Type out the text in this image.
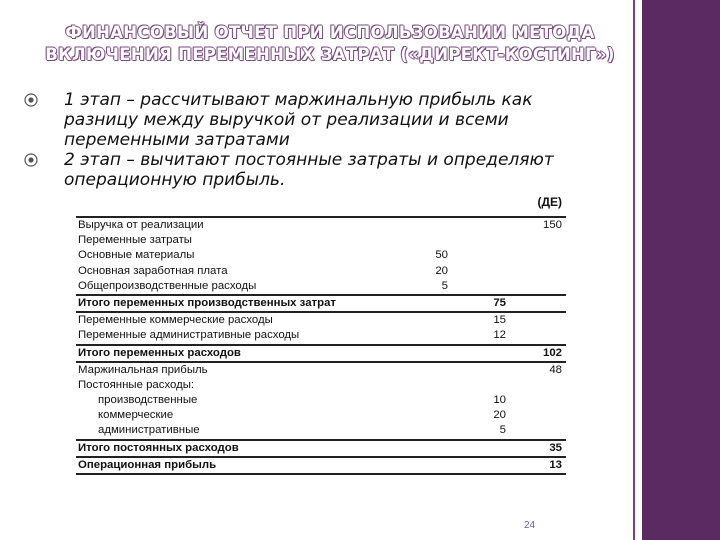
ФИНАНСОВЫЙ ОТЧЕТ ПРИ ИСПОЛЬЗОВАНИИ МЕТОДА ВКЛЮЧЕНИЯ ПЕРЕМЕННЫХ ЗАТРАТ («ДИРЕКТ-КОСТИНГ»)
1 этап – рассчитывают маржинальную прибыль как разницу между выручкой от реализации и всеми переменными затратами
2 этап – вычитают постоянные затраты и определяют операционную прибыль.
(ДЕ)
Выручка от реализации	150
Переменные затраты
Основные материалы	50
Основная заработная плата	20
Общепроизводственные расходы	5
Итого переменных производственных затрат	75
Переменные коммерческие расходы	15
Переменные административные расходы	12
Итого переменных расходов	102
Маржинальная прибыль	48
Постоянные расходы:
производственные	10
коммерческие	20
административные	5
Итого постоянных расходов	35
Операционная прибыль	13
24
